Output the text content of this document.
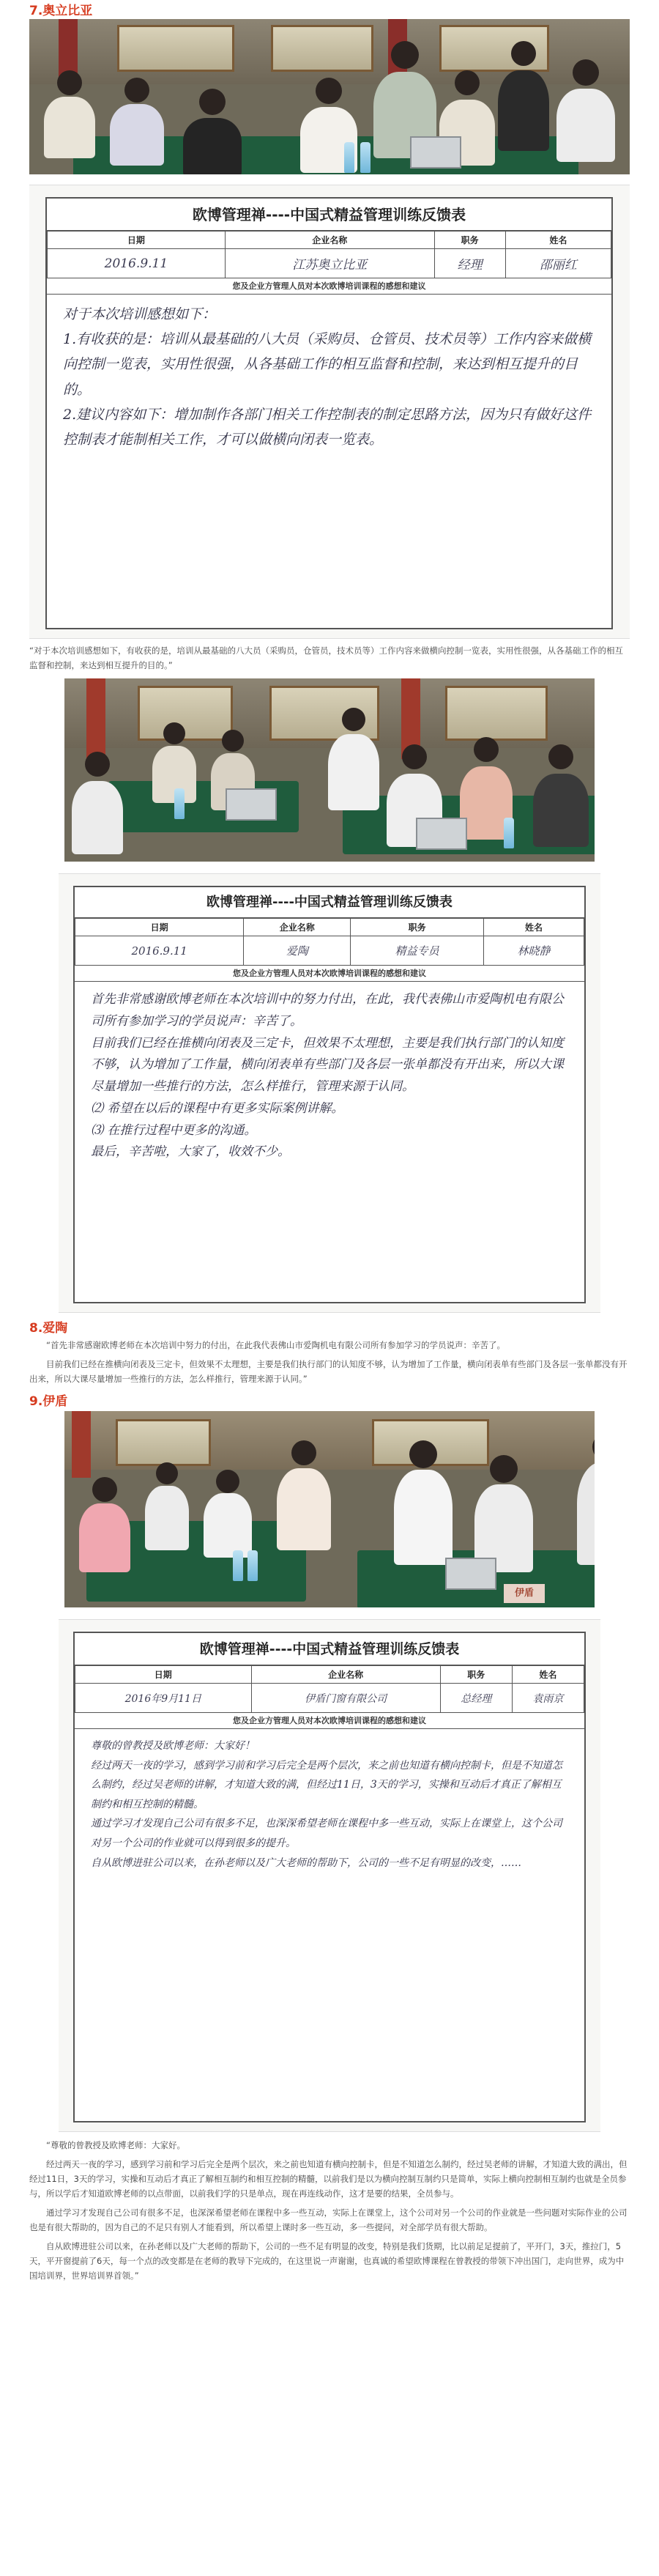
7.奥立比亚
欧博管理禅----中国式精益管理训练反馈表
日期	企业名称	职务	姓名
2016.9.11	江苏奥立比亚	经理	邵丽红
您及企业方管理人员对本次欧博培训课程的感想和建议
对于本次培训感想如下：
1.有收获的是：培训从最基础的八大员（采购员、仓管员、技术员等）工作内容来做横向控制一览表，实用性很强，从各基础工作的相互监督和控制，来达到相互提升的目的。
2.建议内容如下：增加制作各部门相关工作控制表的制定思路方法，因为只有做好这件控制表才能制相关工作，才可以做横向闭表一览表。
“对于本次培训感想如下，有收获的是，培训从最基础的八大员（采购员，仓管员，技术员等）工作内容来做横向控制一览表，实用性很强，从各基础工作的相互监督和控制，来达到相互提升的目的。”
欧博管理禅----中国式精益管理训练反馈表
日期	企业名称	职务	姓名
2016.9.11	爱陶	精益专员	林晓静
您及企业方管理人员对本次欧博培训课程的感想和建议
首先非常感谢欧博老师在本次培训中的努力付出，在此，我代表佛山市爱陶机电有限公司所有参加学习的学员说声：辛苦了。
目前我们已经在推横向闭表及三定卡，但效果不太理想，主要是我们执行部门的认知度不够，认为增加了工作量，横向闭表单有些部门及各层一张单都没有开出来，所以大课尽量增加一些推行的方法，怎么样推行，管理来源于认同。
⑵ 希望在以后的课程中有更多实际案例讲解。
⑶ 在推行过程中更多的沟通。
最后，辛苦啦，大家了，收效不少。
8.爱陶
“首先非常感谢欧博老师在本次培训中努力的付出，在此我代表佛山市爱陶机电有限公司所有参加学习的学员说声：辛苦了。
目前我们已经在推横向闭表及三定卡，但效果不太理想，主要是我们执行部门的认知度不够，认为增加了工作量，横向闭表单有些部门及各层一张单都没有开出来，所以大课尽量增加一些推行的方法，怎么样推行，管理来源于认同。”
9.伊盾
伊盾
欧博管理禅----中国式精益管理训练反馈表
日期	企业名称	职务	姓名
2016年9月11日	伊盾门窗有限公司	总经理	袁雨京
您及企业方管理人员对本次欧博培训课程的感想和建议
尊敬的曾教授及欧博老师：大家好！
经过两天一夜的学习，感到学习前和学习后完全是两个层次，来之前也知道有横向控制卡，但是不知道怎么制约，经过吴老师的讲解，才知道大致的满，但经过11日，3天的学习，实操和互动后才真正了解相互制约和相互控制的精髓。
通过学习才发现自己公司有很多不足，也深深希望老师在课程中多一些互动，实际上在课堂上，这个公司对另一个公司的作业就可以得到很多的提升。
自从欧博进驻公司以来，在孙老师以及广大老师的帮助下，公司的一些不足有明显的改变，……
“尊敬的曾教授及欧博老师：大家好。
经过两天一夜的学习，感到学习前和学习后完全是两个层次，来之前也知道有横向控制卡，但是不知道怎么制约，经过吴老师的讲解，才知道大致的满出，但经过11日，3天的学习，实操和互动后才真正了解相互制约和相互控制的精髓，以前我们是以为横向控制互制约只是简单，实际上横向控制相互制约也就是全员参与，所以学后才知道欧博老师的以点带面，以前我们学的只是单点，现在再连线动作，这才是要的结果，全员参与。
通过学习才发现自己公司有很多不足，也深深希望老师在课程中多一些互动，实际上在课堂上，这个公司对另一个公司的作业就是一些问题对实际作业的公司也是有很大帮助的，因为自己的不足只有别人才能看到，所以希望上课时多一些互动，多一些提问，对全部学员有很大帮助。
自从欧博进驻公司以来，在孙老师以及广大老师的帮助下，公司的一些不足有明显的改变，特别是我们货期，比以前足足提前了，平开门，3天，推拉门，5天，平开窗提前了6天，每一个点的改变都是在老师的教导下完成的，在这里说一声谢谢，也真诚的希望欧博课程在曾教授的带领下冲出国门，走向世界，成为中国培训界，世界培训界首领。”
